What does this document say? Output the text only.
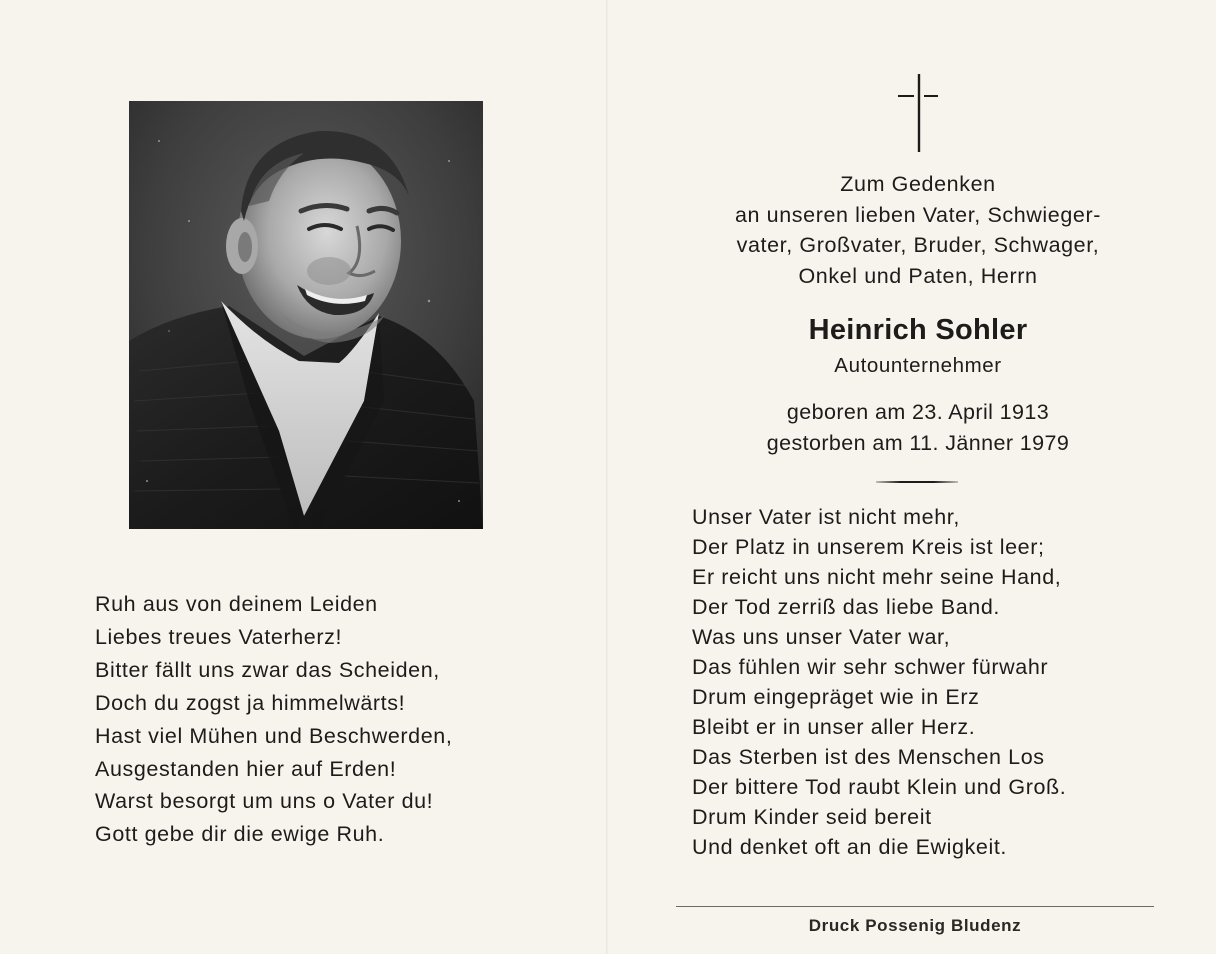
Ruh aus von deinem Leiden
Liebes treues Vaterherz!
Bitter fällt uns zwar das Scheiden,
Doch du zogst ja himmelwärts!
Hast viel Mühen und Beschwerden,
Ausgestanden hier auf Erden!
Warst besorgt um uns o Vater du!
Gott gebe dir die ewige Ruh.
Zum Gedenken
an unseren lieben Vater, Schwieger-
vater, Großvater, Bruder, Schwager,
Onkel und Paten, Herrn
Heinrich Sohler
Autounternehmer
geboren am 23. April 1913
gestorben am 11. Jänner 1979
Unser Vater ist nicht mehr,
Der Platz in unserem Kreis ist leer;
Er reicht uns nicht mehr seine Hand,
Der Tod zerriß das liebe Band.
Was uns unser Vater war,
Das fühlen wir sehr schwer fürwahr
Drum eingepräget wie in Erz
Bleibt er in unser aller Herz.
Das Sterben ist des Menschen Los
Der bittere Tod raubt Klein und Groß.
Drum Kinder seid bereit
Und denket oft an die Ewigkeit.
Druck Possenig Bludenz
